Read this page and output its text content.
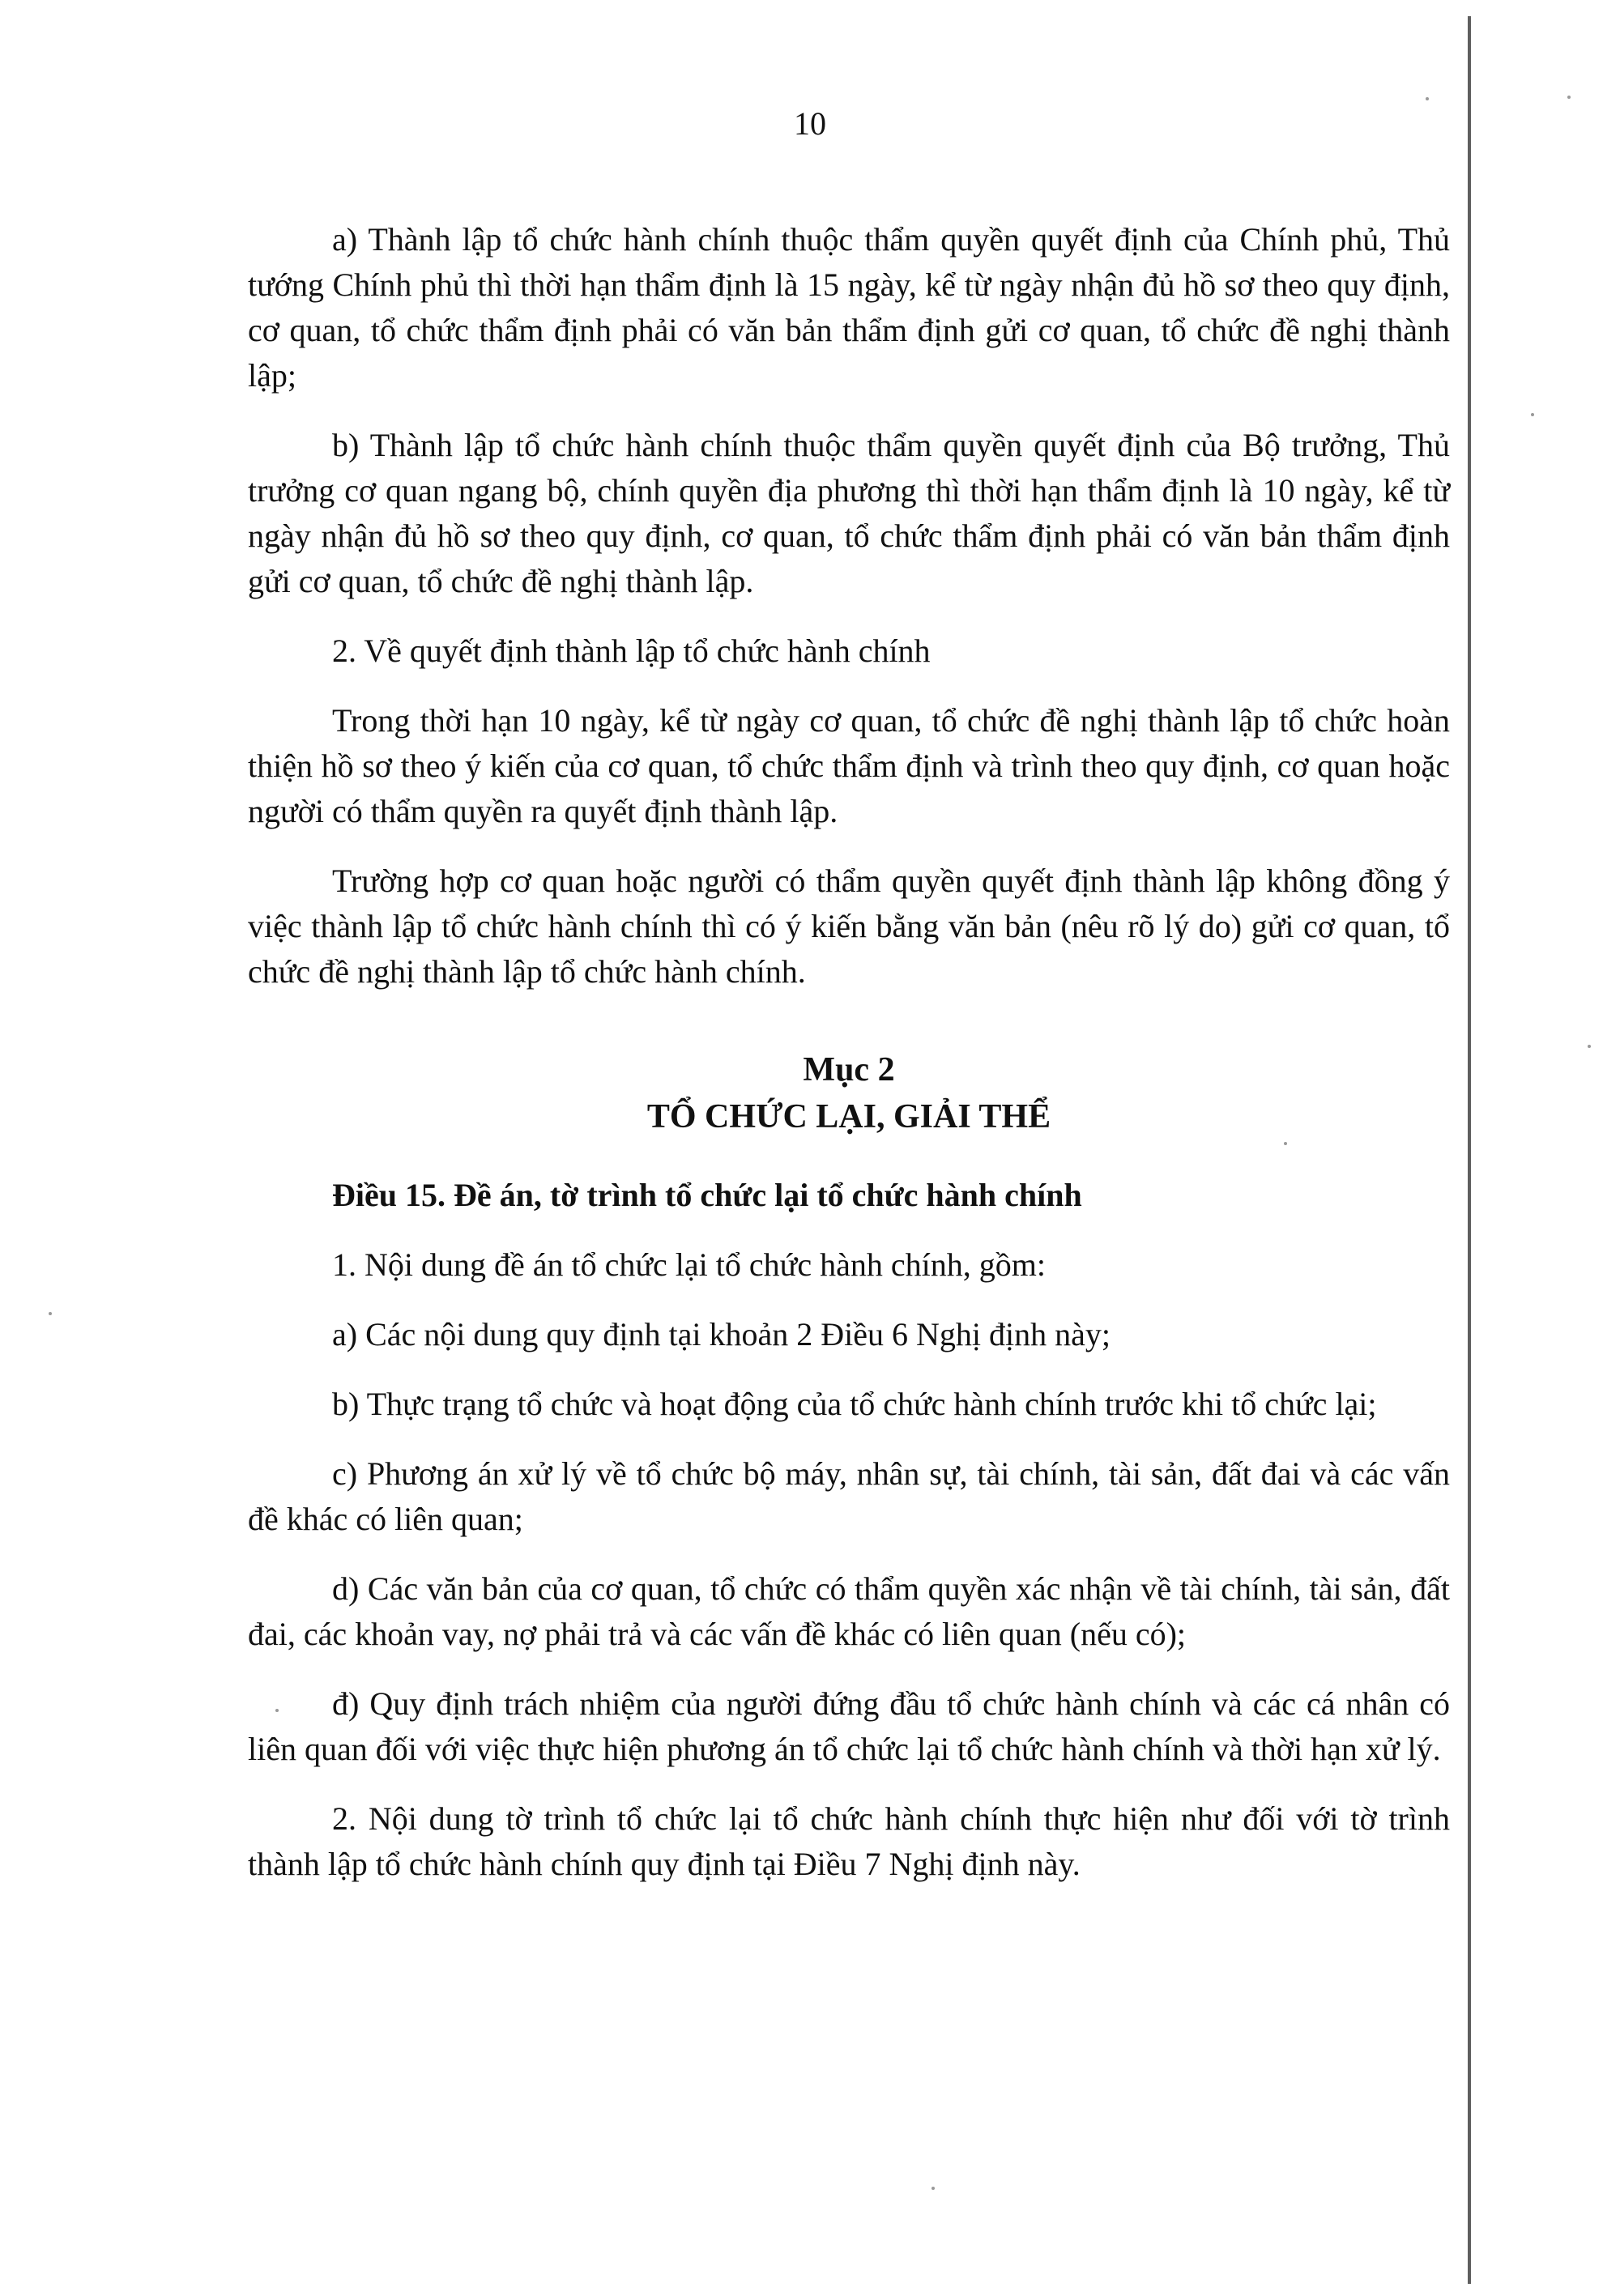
10

a) Thành lập tổ chức hành chính thuộc thẩm quyền quyết định của Chính phủ, Thủ tướng Chính phủ thì thời hạn thẩm định là 15 ngày, kể từ ngày nhận đủ hồ sơ theo quy định, cơ quan, tổ chức thẩm định phải có văn bản thẩm định gửi cơ quan, tổ chức đề nghị thành lập;

b) Thành lập tổ chức hành chính thuộc thẩm quyền quyết định của Bộ trưởng, Thủ trưởng cơ quan ngang bộ, chính quyền địa phương thì thời hạn thẩm định là 10 ngày, kể từ ngày nhận đủ hồ sơ theo quy định, cơ quan, tổ chức thẩm định phải có văn bản thẩm định gửi cơ quan, tổ chức đề nghị thành lập.

2. Về quyết định thành lập tổ chức hành chính

Trong thời hạn 10 ngày, kể từ ngày cơ quan, tổ chức đề nghị thành lập tổ chức hoàn thiện hồ sơ theo ý kiến của cơ quan, tổ chức thẩm định và trình theo quy định, cơ quan hoặc người có thẩm quyền ra quyết định thành lập.

Trường hợp cơ quan hoặc người có thẩm quyền quyết định thành lập không đồng ý việc thành lập tổ chức hành chính thì có ý kiến bằng văn bản (nêu rõ lý do) gửi cơ quan, tổ chức đề nghị thành lập tổ chức hành chính.

Mục 2
TỔ CHỨC LẠI, GIẢI THỂ

Điều 15. Đề án, tờ trình tổ chức lại tổ chức hành chính

1. Nội dung đề án tổ chức lại tổ chức hành chính, gồm:

a) Các nội dung quy định tại khoản 2 Điều 6 Nghị định này;

b) Thực trạng tổ chức và hoạt động của tổ chức hành chính trước khi tổ chức lại;

c) Phương án xử lý về tổ chức bộ máy, nhân sự, tài chính, tài sản, đất đai và các vấn đề khác có liên quan;

d) Các văn bản của cơ quan, tổ chức có thẩm quyền xác nhận về tài chính, tài sản, đất đai, các khoản vay, nợ phải trả và các vấn đề khác có liên quan (nếu có);

đ) Quy định trách nhiệm của người đứng đầu tổ chức hành chính và các cá nhân có liên quan đối với việc thực hiện phương án tổ chức lại tổ chức hành chính và thời hạn xử lý.

2. Nội dung tờ trình tổ chức lại tổ chức hành chính thực hiện như đối với tờ trình thành lập tổ chức hành chính quy định tại Điều 7 Nghị định này.
